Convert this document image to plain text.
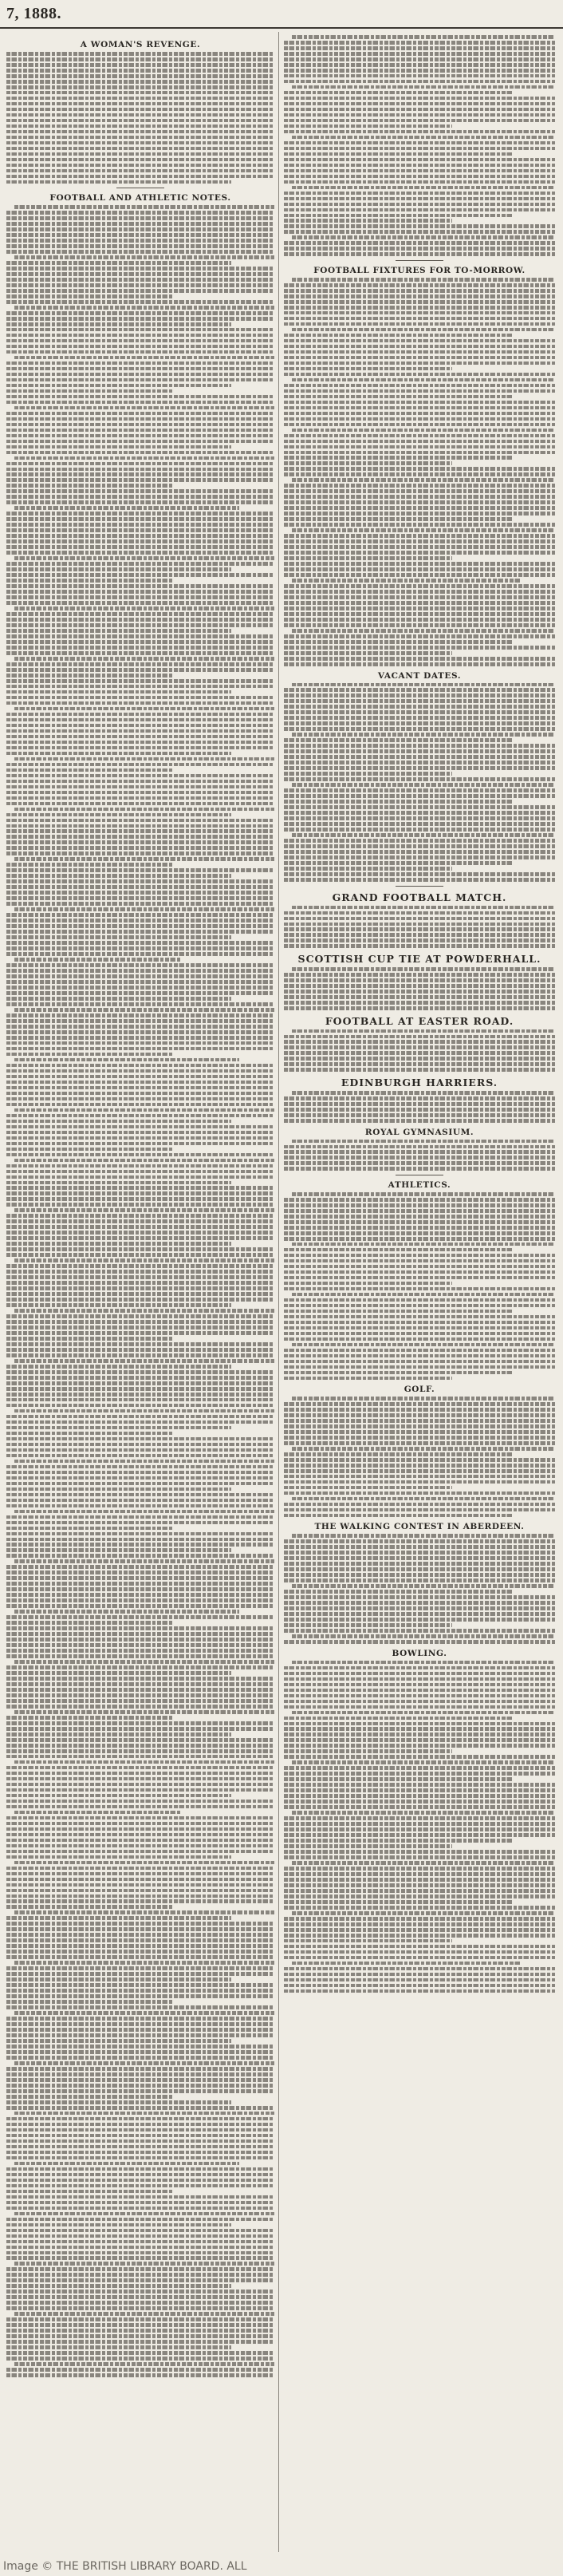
7, 1888.
A WOMAN'S REVENGE.
FOOTBALL AND ATHLETIC NOTES.
FOOTBALL FIXTURES FOR TO-MORROW.
VACANT DATES.
GRAND FOOTBALL MATCH.
SCOTTISH CUP TIE AT POWDERHALL.
FOOTBALL AT EASTER ROAD.
EDINBURGH HARRIERS.
ROYAL GYMNASIUM.
ATHLETICS.
GOLF.
THE WALKING CONTEST IN ABERDEEN.
BOWLING.
Image © THE BRITISH LIBRARY BOARD. ALL
